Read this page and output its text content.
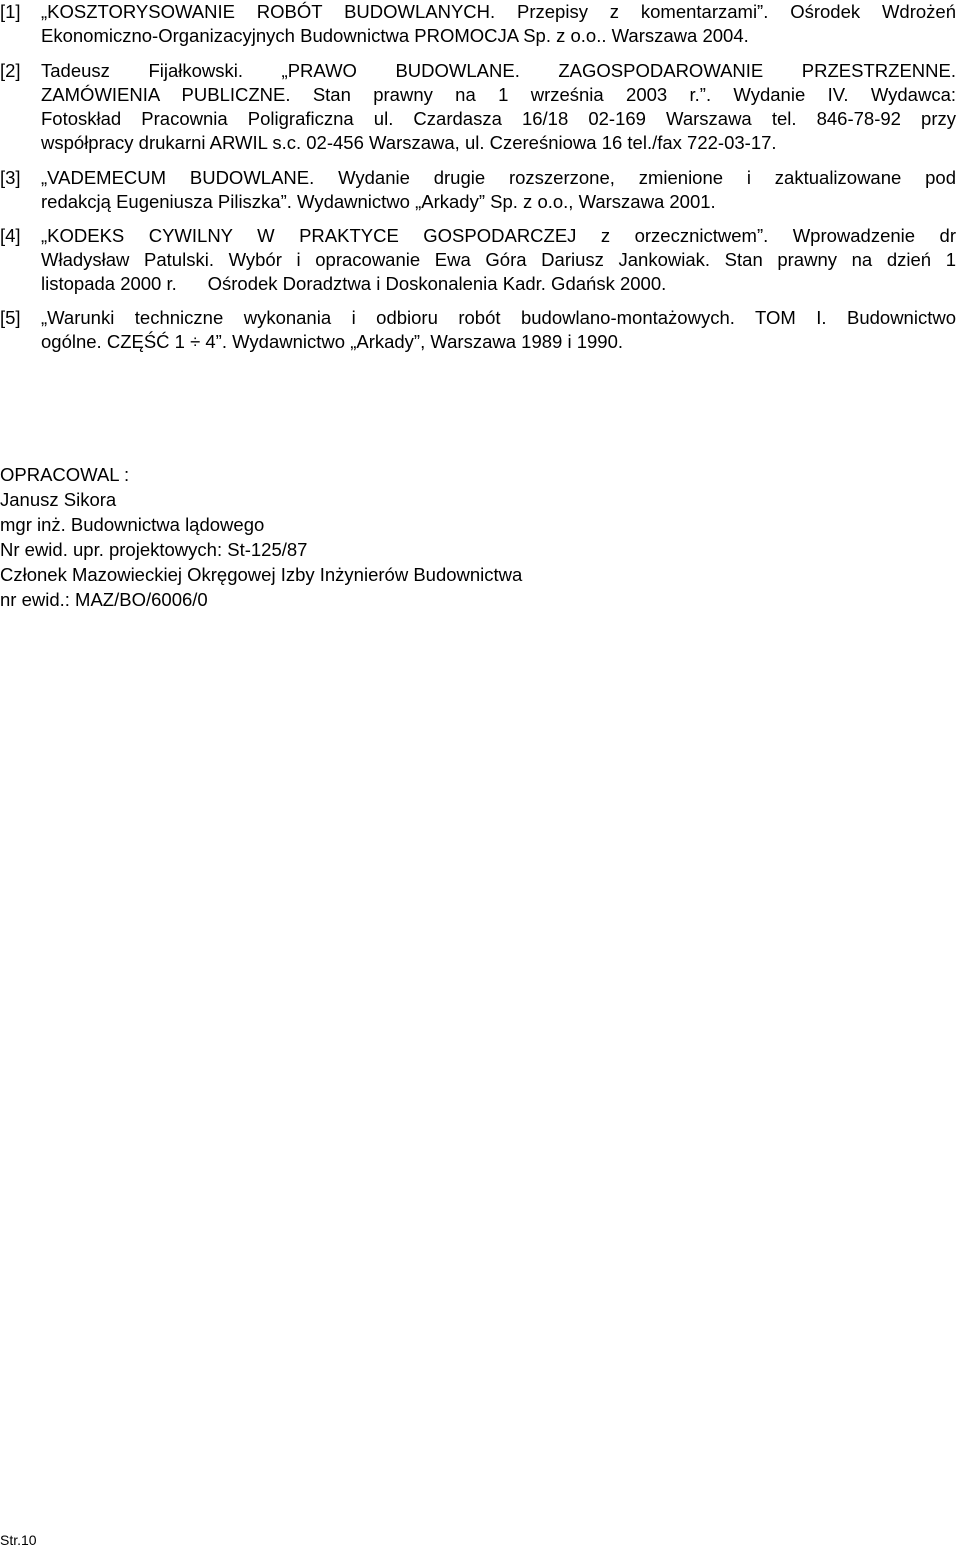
[1]	„KOSZTORYSOWANIE ROBÓT BUDOWLANYCH. Przepisy z komentarzami”. Ośrodek Wdrożeń
Ekonomiczno-Organizacyjnych Budownictwa PROMOCJA Sp. z o.o.. Warszawa 2004.
[2]	Tadeusz Fijałkowski. „PRAWO BUDOWLANE. ZAGOSPODAROWANIE PRZESTRZENNE.
ZAMÓWIENIA PUBLICZNE. Stan prawny na 1 września 2003 r.”. Wydanie IV. Wydawca:
Fotoskład Pracownia Poligraficzna ul. Czardasza 16/18 02-169 Warszawa tel. 846-78-92 przy
współpracy drukarni ARWIL s.c. 02-456 Warszawa, ul. Czereśniowa 16 tel./fax 722-03-17.
[3]	„VADEMECUM BUDOWLANE. Wydanie drugie rozszerzone, zmienione i zaktualizowane pod
redakcją Eugeniusza Piliszka”. Wydawnictwo „Arkady” Sp. z o.o., Warszawa 2001.
[4]	„KODEKS CYWILNY W PRAKTYCE GOSPODARCZEJ z orzecznictwem”. Wprowadzenie dr
Władysław Patulski. Wybór i opracowanie Ewa Góra Dariusz Jankowiak. Stan prawny na dzień 1
listopada 2000 r.      Ośrodek Doradztwa i Doskonalenia Kadr. Gdańsk 2000.
[5]	„Warunki techniczne wykonania i odbioru robót budowlano-montażowych. TOM I. Budownictwo
ogólne. CZĘŚĆ 1 ÷ 4”. Wydawnictwo „Arkady”, Warszawa 1989 i 1990.
OPRACOWAL :
Janusz Sikora
mgr inż. Budownictwa lądowego
Nr ewid. upr. projektowych: St-125/87
Członek Mazowieckiej Okręgowej Izby Inżynierów Budownictwa
nr ewid.: MAZ/BO/6006/0
Str.10
